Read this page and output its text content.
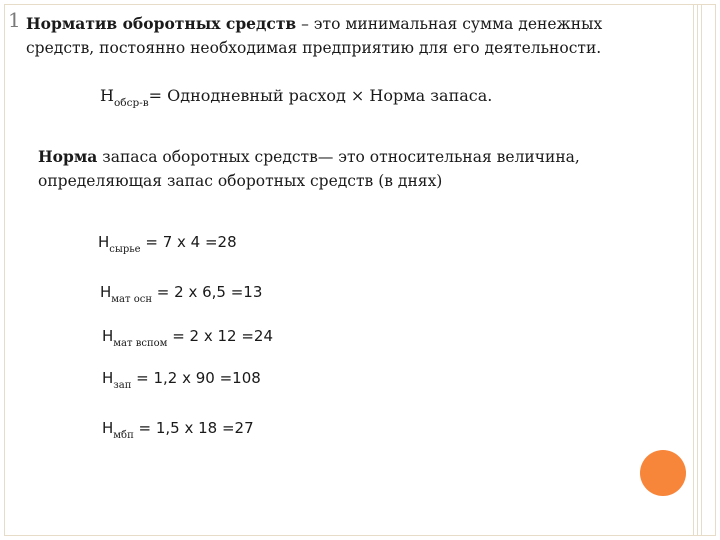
1 Норматив оборотных средств – это минимальная сумма денежных средств, постоянно необходимая предприятию для его деятельности.

$Н_{обср-в}=$ Однодневный расход × Норма запаса.

Норма запаса оборотных средств— это относительная величина, определяющая запас оборотных средств (в днях)

$Н_{сырье} = 7$ х 4 =28
$Н_{мат осн} = 2$ х 6,5 =13
$Н_{мат вспом} = 2$ х 12 =24
$Н_{зап} = 1,2$ х 90 =108
$Н_{мбп} = 1,5$ х 18 =27
